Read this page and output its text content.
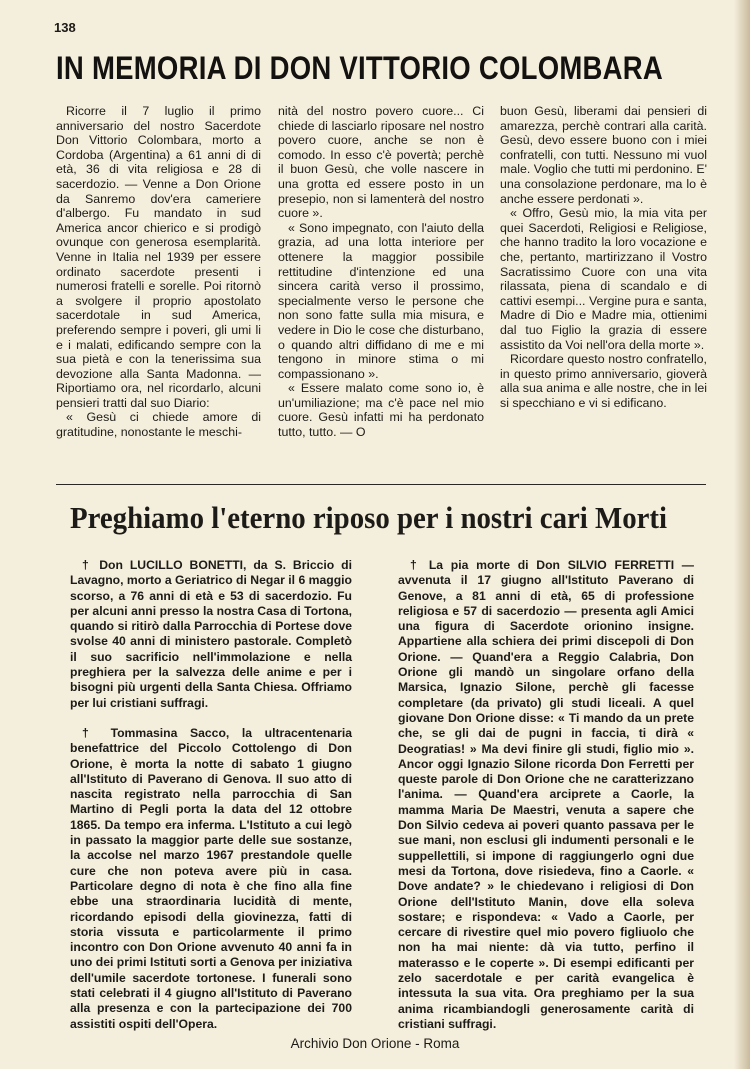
138
IN MEMORIA DI DON VITTORIO COLOMBARA

Ricorre il 7 luglio il primo anniversario del nostro Sacerdote Don Vittorio Colombara, morto a Cordoba (Argentina) a 61 anni di di età, 36 di vita religiosa e 28 di sacerdozio. — Venne a Don Orione da Sanremo dov'era cameriere d'albergo. Fu mandato in sud America ancor chierico e si prodigò ovunque con generosa esemplarità. Venne in Italia nel 1939 per essere ordinato sacerdote presenti i numerosi fratelli e sorelle. Poi ritornò a svolgere il proprio apostolato sacerdotale in sud America, preferendo sempre i poveri, gli umi li e i malati, edificando sempre con la sua pietà e con la tenerissima sua devozione alla Santa Madonna. — Riportiamo ora, nel ricordarlo, alcuni pensieri tratti dal suo Diario:

« Gesù ci chiede amore di gratitudine, nonostante le meschi-

nità del nostro povero cuore... Ci chiede di lasciarlo riposare nel nostro povero cuore, anche se non è comodo. In esso c'è povertà; perchè il buon Gesù, che volle nascere in una grotta ed essere posto in un presepio, non si lamenterà del nostro cuore ».

« Sono impegnato, con l'aiuto della grazia, ad una lotta interiore per ottenere la maggior possibile rettitudine d'intenzione ed una sincera carità verso il prossimo, specialmente verso le persone che non sono fatte sulla mia misura, e vedere in Dio le cose che disturbano, o quando altri diffidano di me e mi tengono in minore stima o mi compassionano ».

« Essere malato come sono io, è un'umiliazione; ma c'è pace nel mio cuore. Gesù infatti mi ha perdonato tutto, tutto. — O

buon Gesù, liberami dai pensieri di amarezza, perchè contrari alla carità. Gesù, devo essere buono con i miei confratelli, con tutti. Nessuno mi vuol male. Voglio che tutti mi perdonino. E' una consolazione perdonare, ma lo è anche essere perdonati ».

« Offro, Gesù mio, la mia vita per quei Sacerdoti, Religiosi e Religiose, che hanno tradito la loro vocazione e che, pertanto, martirizzano il Vostro Sacratissimo Cuore con una vita rilassata, piena di scandalo e di cattivi esempi... Vergine pura e santa, Madre di Dio e Madre mia, ottienimi dal tuo Figlio la grazia di essere assistito da Voi nell'ora della morte ».

Ricordare questo nostro confratello, in questo primo anniversario, gioverà alla sua anima e alle nostre, che in lei si specchiano e vi si edificano.

Preghiamo l'eterno riposo per i nostri cari Morti

† Don LUCILLO BONETTI, da S. Briccio di Lavagno, morto a Geriatrico di Negar il 6 maggio scorso, a 76 anni di età e 53 di sacerdozio. Fu per alcuni anni presso la nostra Casa di Tortona, quando si ritirò dalla Parrocchia di Portese dove svolse 40 anni di ministero pastorale. Completò il suo sacrificio nell'immolazione e nella preghiera per la salvezza delle anime e per i bisogni più urgenti della Santa Chiesa. Offriamo per lui cristiani suffragi.

† Tommasina Sacco, la ultracentenaria benefattrice del Piccolo Cottolengo di Don Orione, è morta la notte di sabato 1 giugno all'Istituto di Paverano di Genova. Il suo atto di nascita registrato nella parrocchia di San Martino di Pegli porta la data del 12 ottobre 1865. Da tempo era inferma. L'Istituto a cui legò in passato la maggior parte delle sue sostanze, la accolse nel marzo 1967 prestandole quelle cure che non poteva avere più in casa. Particolare degno di nota è che fino alla fine ebbe una straordinaria lucidità di mente, ricordando episodi della giovinezza, fatti di storia vissuta e particolarmente il primo incontro con Don Orione avvenuto 40 anni fa in uno dei primi Istituti sorti a Genova per iniziativa dell'umile sacerdote tortonese. I funerali sono stati celebrati il 4 giugno all'Istituto di Paverano alla presenza e con la partecipazione dei 700 assistiti ospiti dell'Opera.

† La pia morte di Don SILVIO FERRETTI — avvenuta il 17 giugno all'Istituto Paverano di Genove, a 81 anni di età, 65 di professione religiosa e 57 di sacerdozio — presenta agli Amici una figura di Sacerdote orionino insigne. Appartiene alla schiera dei primi discepoli di Don Orione. — Quand'era a Reggio Calabria, Don Orione gli mandò un singolare orfano della Marsica, Ignazio Silone, perchè gli facesse completare (da privato) gli studi liceali. A quel giovane Don Orione disse: « Ti mando da un prete che, se gli dai de pugni in faccia, ti dirà « Deogratias! » Ma devi finire gli studi, figlio mio ». Ancor oggi Ignazio Silone ricorda Don Ferretti per queste parole di Don Orione che ne caratterizzano l'anima. — Quand'era arciprete a Caorle, la mamma Maria De Maestri, venuta a sapere che Don Silvio cedeva ai poveri quanto passava per le sue mani, non esclusi gli indumenti personali e le suppellettili, si impone di raggiungerlo ogni due mesi da Tortona, dove risiedeva, fino a Caorle. « Dove andate? » le chiedevano i religiosi di Don Orione dell'Istituto Manin, dove ella soleva sostare; e rispondeva: « Vado a Caorle, per cercare di rivestire quel mio povero figliuolo che non ha mai niente: dà via tutto, perfino il materasso e le coperte ». Di esempi edificanti per zelo sacerdotale e per carità evangelica è intessuta la sua vita. Ora preghiamo per la sua anima ricambiandogli generosamente carità di cristiani suffragi.

Archivio Don Orione - Roma
